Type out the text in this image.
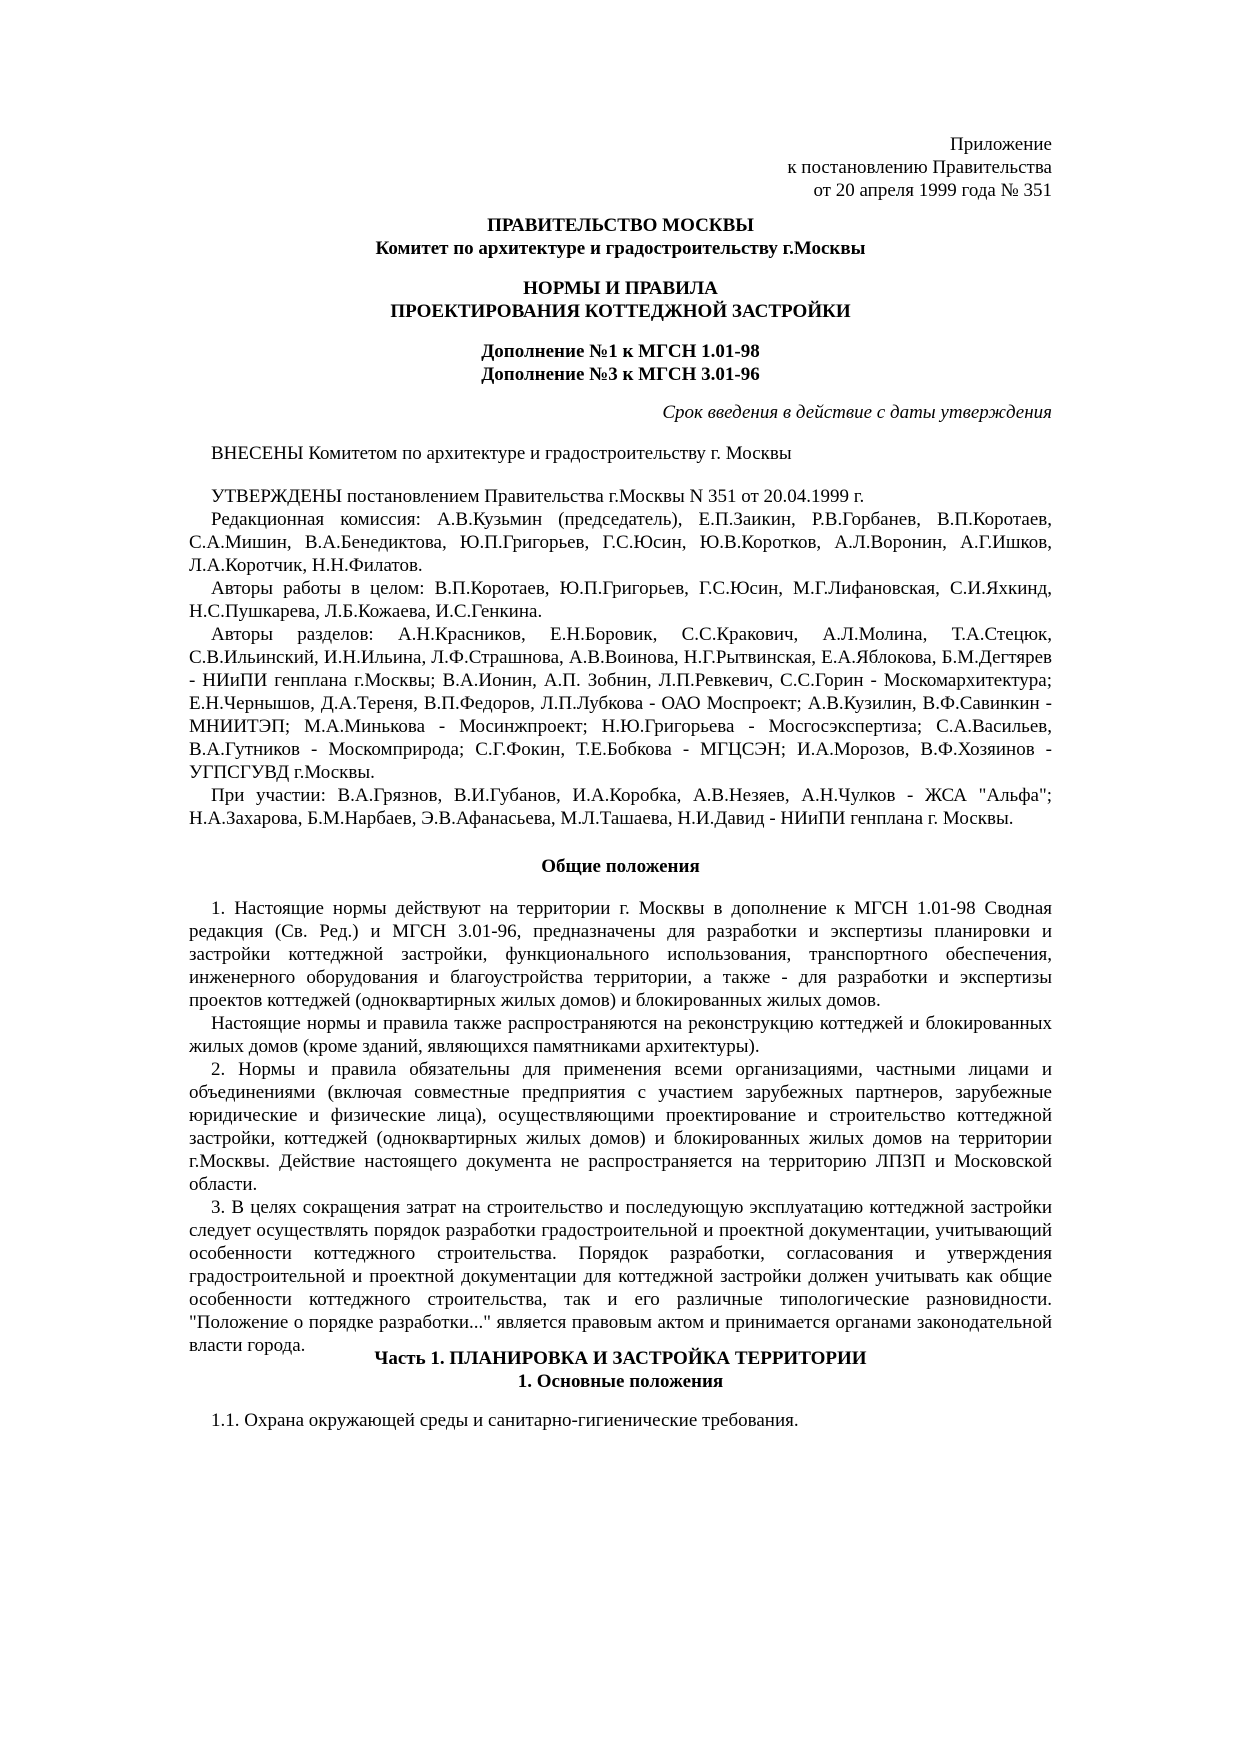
Приложение

к постановлению Правительства

от 20 апреля 1999 года № 351

ПРАВИТЕЛЬСТВО МОСКВЫ

Комитет по архитектуре и градостроительству г.Москвы

НОРМЫ И ПРАВИЛА

ПРОЕКТИРОВАНИЯ КОТТЕДЖНОЙ ЗАСТРОЙКИ

Дополнение №1 к МГСН 1.01-98

Дополнение №3 к МГСН 3.01-96

Срок введения в действие с даты утверждения

ВНЕСЕНЫ Комитетом по архитектуре и градостроительству г. Москвы

УТВЕРЖДЕНЫ постановлением Правительства г.Москвы N 351 от 20.04.1999 г.

Редакционная комиссия: А.В.Кузьмин (председатель), Е.П.Заикин, Р.В.Горбанев, В.П.Коротаев, С.А.Мишин, В.А.Бенедиктова, Ю.П.Григорьев, Г.С.Юсин, Ю.В.Коротков, А.Л.Воронин, А.Г.Ишков, Л.А.Коротчик, Н.Н.Филатов.

Авторы работы в целом: В.П.Коротаев, Ю.П.Григорьев, Г.С.Юсин, М.Г.Лифановская, С.И.Яхкинд, Н.С.Пушкарева, Л.Б.Кожаева, И.С.Генкина.

Авторы разделов: А.Н.Красников, Е.Н.Боровик, С.С.Кракович, А.Л.Молина, Т.А.Стецюк, С.В.Ильинский, И.Н.Ильина, Л.Ф.Страшнова, А.В.Воинова, Н.Г.Рытвинская, Е.А.Яблокова, Б.М.Дегтярев - НИиПИ генплана г.Москвы; В.А.Ионин, А.П. Зобнин, Л.П.Ревкевич, С.С.Горин - Москомархитектура; Е.Н.Чернышов, Д.А.Тереня, В.П.Федоров, Л.П.Лубкова - ОАО Моспроект; А.В.Кузилин, В.Ф.Савинкин - МНИИТЭП; М.А.Минькова - Мосинжпроект; Н.Ю.Григорьева - Мосгосэкспертиза; С.А.Васильев, В.А.Гутников - Москомприрода; С.Г.Фокин, Т.Е.Бобкова - МГЦСЭН; И.А.Морозов, В.Ф.Хозяинов - УГПСГУВД г.Москвы.

При участии: В.А.Грязнов, В.И.Губанов, И.А.Коробка, А.В.Незяев, А.Н.Чулков - ЖСА "Альфа"; Н.А.Захарова, Б.М.Нарбаев, Э.В.Афанасьева, М.Л.Ташаева, Н.И.Давид - НИиПИ генплана г. Москвы.

Общие положения

1. Настоящие нормы действуют на территории г. Москвы в дополнение к МГСН 1.01-98 Сводная редакция (Св. Ред.) и МГСН 3.01-96, предназначены для разработки и экспертизы планировки и застройки коттеджной застройки, функционального использования, транспортного обеспечения, инженерного оборудования и благоустройства территории, а также - для разработки и экспертизы проектов коттеджей (одноквартирных жилых домов) и блокированных жилых домов.

Настоящие нормы и правила также распространяются на реконструкцию коттеджей и блокированных жилых домов (кроме зданий, являющихся памятниками архитектуры).

2. Нормы и правила обязательны для применения всеми организациями, частными лицами и объединениями (включая совместные предприятия с участием зарубежных партнеров, зарубежные юридические и физические лица), осуществляющими проектирование и строительство коттеджной застройки, коттеджей (одноквартирных жилых домов) и блокированных жилых домов на территории г.Москвы. Действие настоящего документа не распространяется на территорию ЛПЗП и Московской области.

3. В целях сокращения затрат на строительство и последующую эксплуатацию коттеджной застройки следует осуществлять порядок разработки градостроительной и проектной документации, учитывающий особенности коттеджного строительства. Порядок разработки, согласования и утверждения градостроительной и проектной документации для коттеджной застройки должен учитывать как общие особенности коттеджного строительства, так и его различные типологические разновидности. "Положение о порядке разработки..." является правовым актом и принимается органами законодательной власти города.

Часть 1. ПЛАНИРОВКА И ЗАСТРОЙКА ТЕРРИТОРИИ

1. Основные положения

1.1. Охрана окружающей среды и санитарно-гигиенические требования.
